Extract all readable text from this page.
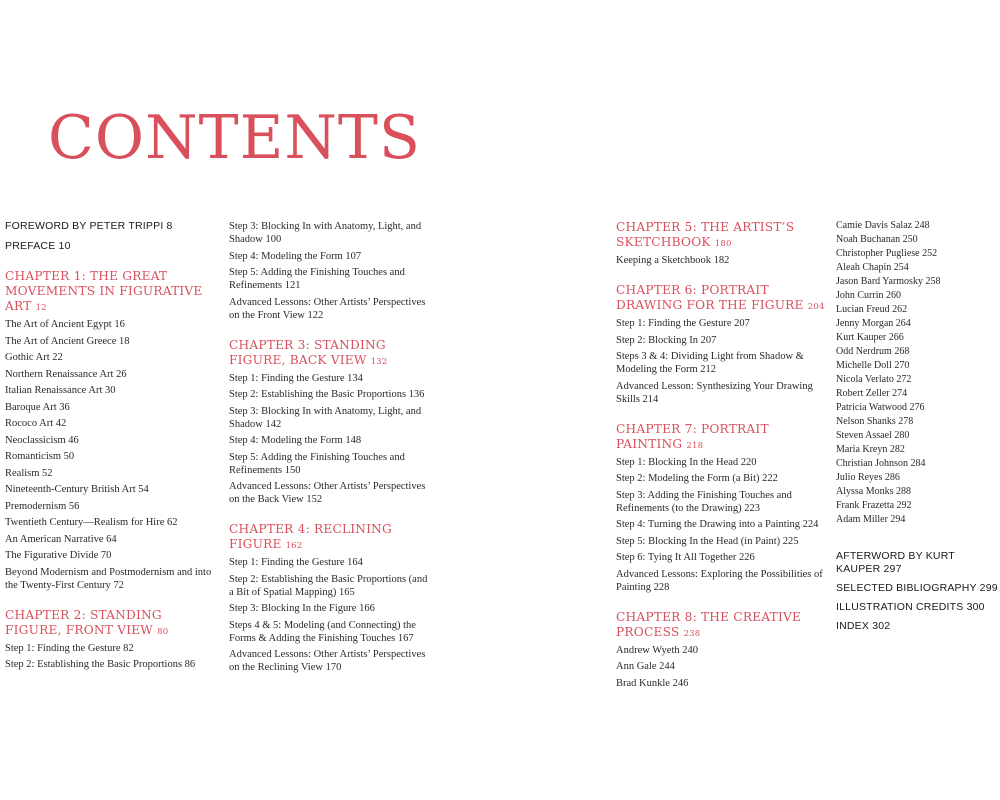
CONTENTS
FOREWORD BY PETER TRIPPI 8
PREFACE 10
CHAPTER 1: THE GREAT MOVEMENTS IN FIGURATIVE ART 12
The Art of Ancient Egypt 16
The Art of Ancient Greece 18
Gothic Art 22
Northern Renaissance Art 26
Italian Renaissance Art 30
Baroque Art 36
Rococo Art 42
Neoclassicism 46
Romanticism 50
Realism 52
Nineteenth-Century British Art 54
Premodernism 56
Twentieth Century—Realism for Hire 62
An American Narrative 64
The Figurative Divide 70
Beyond Modernism and Postmodernism and into the Twenty-First Century 72
CHAPTER 2: STANDING FIGURE, FRONT VIEW 80
Step 1: Finding the Gesture 82
Step 2: Establishing the Basic Proportions 86
Step 3: Blocking In with Anatomy, Light, and Shadow 100
Step 4: Modeling the Form 107
Step 5: Adding the Finishing Touches and Refinements 121
Advanced Lessons: Other Artists’ Perspectives on the Front View 122
CHAPTER 3: STANDING FIGURE, BACK VIEW 132
Step 1: Finding the Gesture 134
Step 2: Establishing the Basic Proportions 136
Step 3: Blocking In with Anatomy, Light, and Shadow 142
Step 4: Modeling the Form 148
Step 5: Adding the Finishing Touches and Refinements 150
Advanced Lessons: Other Artists’ Perspectives on the Back View 152
CHAPTER 4: RECLINING FIGURE 162
Step 1: Finding the Gesture 164
Step 2: Establishing the Basic Proportions (and a Bit of Spatial Mapping) 165
Step 3: Blocking In the Figure 166
Steps 4 & 5: Modeling (and Connecting) the Forms & Adding the Finishing Touches 167
Advanced Lessons: Other Artists’ Perspectives on the Reclining View 170
CHAPTER 5: THE ARTIST’S SKETCHBOOK 180
Keeping a Sketchbook 182
CHAPTER 6: PORTRAIT DRAWING FOR THE FIGURE 204
Step 1: Finding the Gesture 207
Step 2: Blocking In 207
Steps 3 & 4: Dividing Light from Shadow & Modeling the Form 212
Advanced Lesson: Synthesizing Your Drawing Skills 214
CHAPTER 7: PORTRAIT PAINTING 218
Step 1: Blocking In the Head 220
Step 2: Modeling the Form (a Bit) 222
Step 3: Adding the Finishing Touches and Refinements (to the Drawing) 223
Step 4: Turning the Drawing into a Painting 224
Step 5: Blocking In the Head (in Paint) 225
Step 6: Tying It All Together 226
Advanced Lessons: Exploring the Possibilities of Painting 228
CHAPTER 8: THE CREATIVE PROCESS 238
Andrew Wyeth 240
Ann Gale 244
Brad Kunkle 246
Camie Davis Salaz 248
Noah Buchanan 250
Christopher Pugliese 252
Aleah Chapin 254
Jason Bard Yarmosky 258
John Currin 260
Lucian Freud 262
Jenny Morgan 264
Kurt Kauper 266
Odd Nerdrum 268
Michelle Doll 270
Nicola Verlato 272
Robert Zeller 274
Patricia Watwood 276
Nelson Shanks 278
Steven Assael 280
Maria Kreyn 282
Christian Johnson 284
Julio Reyes 286
Alyssa Monks 288
Frank Frazetta 292
Adam Miller 294
AFTERWORD BY KURT KAUPER 297
SELECTED BIBLIOGRAPHY 299
ILLUSTRATION CREDITS 300
INDEX 302
